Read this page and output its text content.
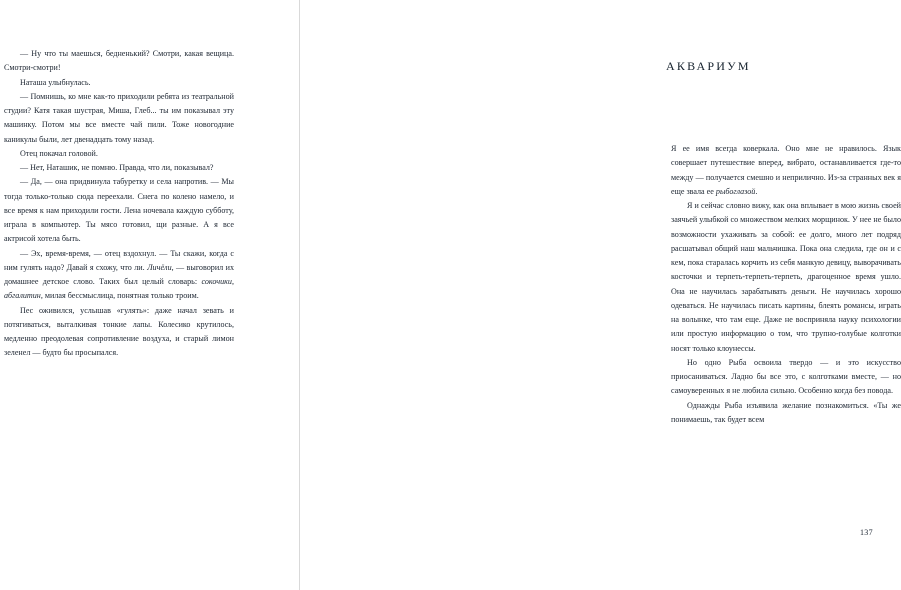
— Ну что ты маешься, бедненький? Смотри, какая вещица. Смотри-смотри!

Наташа улыбнулась.

— Помнишь, ко мне как-то приходили ребята из театральной студии? Катя такая шустрая, Миша, Глеб... ты им показывал эту машинку. Потом мы все вместе чай пили. Тоже новогодние каникулы были, лет двенадцать тому назад.

Отец покачал головой.

— Нет, Наташик, не помню. Правда, что ли, показывал?

— Да, — она придвинула табуретку и села напротив. — Мы тогда только-только сюда переехали. Снега по колено намело, и все время к нам приходили гости. Лена ночевала каждую субботу, играла в компьютер. Ты мясо готовил, щи разные. А я все актрисой хотела быть.

— Эх, время-время, — отец вздохнул. — Ты скажи, когда с ним гулять надо? Давай я схожу, что ли. Личёли, — выговорил их домашнее детское слово. Таких был целый словарь: сокочики, абгалитин, милая бессмыслица, понятная только троим.

Пес оживился, услышав «гулять»: даже начал зевать и потягиваться, выталкивая тонкие лапы. Колесико крутилось, медленно преодолевая сопротивление воздуха, и старый лимон зеленел — будто бы просыпался.

аквариум

Я ее имя всегда коверкала. Оно мне не нравилось. Язык совершает путешествие вперед, вибрато, останавливается где-то между — получается смешно и неприлично. Из-за странных век я еще звала ее рыбоглазой.

Я и сейчас словно вижу, как она вплывает в мою жизнь своей заячьей улыбкой со множеством мелких морщинок. У нее не было возможности ухаживать за собой: ее долго, много лет подряд расшатывал общий наш мальчишка. Пока она следила, где он и с кем, пока старалась корчить из себя манкую девицу, выворачивать косточки и терпеть-терпеть-терпеть, драгоценное время ушло. Она не научилась зарабатывать деньги. Не научилась хорошо одеваться. Не научилась писать картины, блеять романсы, играть на волынке, что там еще. Даже не восприняла науку психологии или простую информацию о том, что трупно-голубые колготки носят только клоунессы.

Но одно Рыба освоила твердо — и это искусство приосаниваться. Ладно бы все это, с колготками вместе, — но самоуверенных я не любила сильно. Особенно когда без повода.

Однажды Рыба изъявила желание познакомиться. «Ты же понимаешь, так будет всем

137
